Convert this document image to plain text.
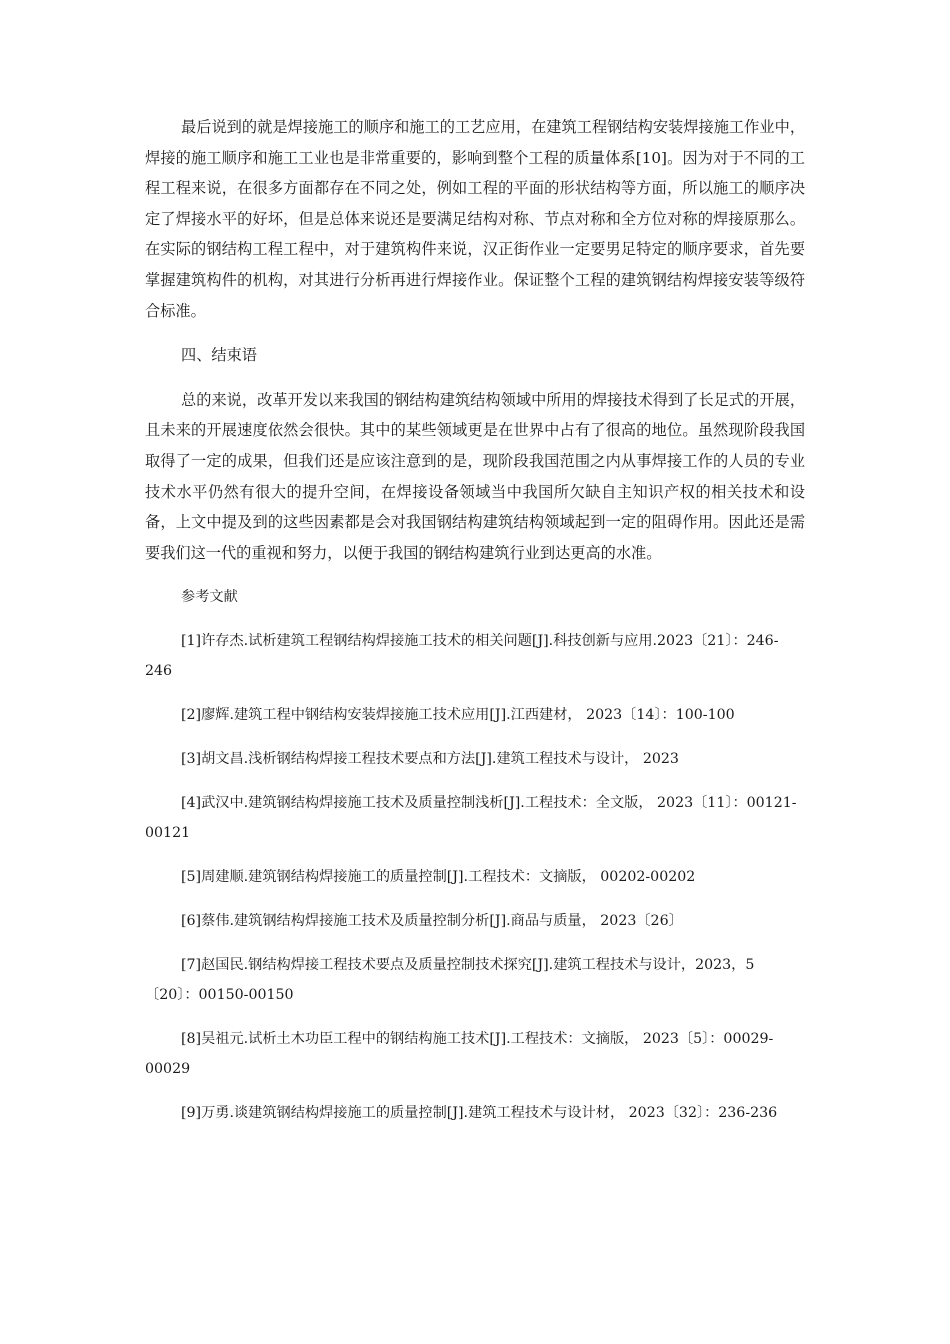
最后说到的就是焊接施工的顺序和施工的工艺应用，在建筑工程钢结构安装焊接施工作业中，焊接的施工顺序和施工工业也是非常重要的，影响到整个工程的质量体系[10]。因为对于不同的工程工程来说，在很多方面都存在不同之处，例如工程的平面的形状结构等方面，所以施工的顺序决定了焊接水平的好坏，但是总体来说还是要满足结构对称、节点对称和全方位对称的焊接原那么。在实际的钢结构工程工程中，对于建筑构件来说，汉正街作业一定要男足特定的顺序要求，首先要掌握建筑构件的机构，对其进行分析再进行焊接作业。保证整个工程的建筑钢结构焊接安装等级符合标准。

四、结束语

总的来说，改革开发以来我国的钢结构建筑结构领域中所用的焊接技术得到了长足式的开展，且未来的开展速度依然会很快。其中的某些领域更是在世界中占有了很高的地位。虽然现阶段我国取得了一定的成果，但我们还是应该注意到的是，现阶段我国范围之内从事焊接工作的人员的专业技术水平仍然有很大的提升空间，在焊接设备领域当中我国所欠缺自主知识产权的相关技术和设备，上文中提及到的这些因素都是会对我国钢结构建筑结构领域起到一定的阻碍作用。因此还是需要我们这一代的重视和努力，以便于我国的钢结构建筑行业到达更高的水准。

参考文献

[1]许存杰.试析建筑工程钢结构焊接施工技术的相关问题[J].科技创新与应用.2023〔21〕：246-246

[2]廖辉.建筑工程中钢结构安装焊接施工技术应用[J].江西建材， 2023〔14〕：100-100

[3]胡文昌.浅析钢结构焊接工程技术要点和方法[J].建筑工程技术与设计， 2023

[4]武汉中.建筑钢结构焊接施工技术及质量控制浅析[J].工程技术：全文版， 2023〔11〕：00121-00121

[5]周建顺.建筑钢结构焊接施工的质量控制[J].工程技术：文摘版， 00202-00202

[6]蔡伟.建筑钢结构焊接施工技术及质量控制分析[J].商品与质量， 2023〔26〕

[7]赵国民.钢结构焊接工程技术要点及质量控制技术探究[J].建筑工程技术与设计，2023，5〔20〕：00150-00150

[8]吴祖元.试析土木功臣工程中的钢结构施工技术[J].工程技术：文摘版， 2023〔5〕：00029-00029

[9]万勇.谈建筑钢结构焊接施工的质量控制[J].建筑工程技术与设计材， 2023〔32〕：236-236
